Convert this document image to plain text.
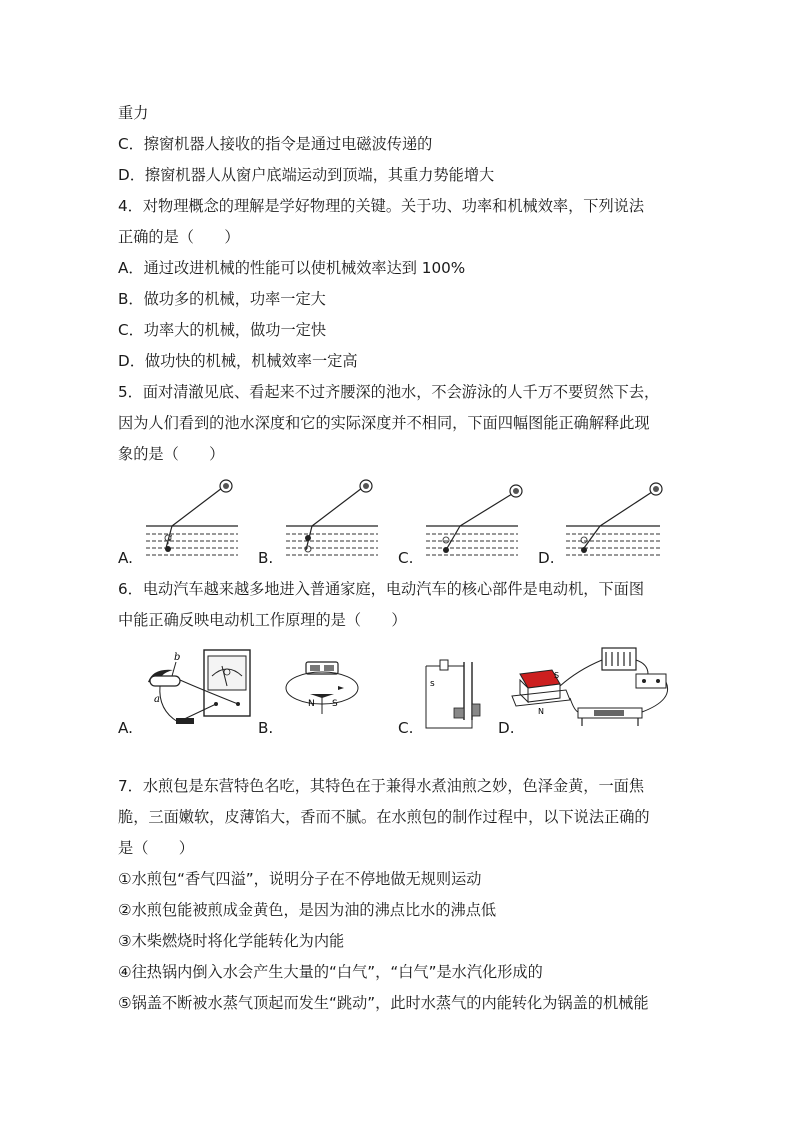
重力
C．擦窗机器人接收的指令是通过电磁波传递的
D．擦窗机器人从窗户底端运动到顶端，其重力势能增大
4．对物理概念的理解是学好物理的关键。关于功、功率和机械效率，下列说法
正确的是（　　）
A．通过改进机械的性能可以使机械效率达到 100%
B．做功多的机械，功率一定大
C．功率大的机械，做功一定快
D．做功快的机械，机械效率一定高
5．面对清澈见底、看起来不过齐腰深的池水，不会游泳的人千万不要贸然下去，
因为人们看到的池水深度和它的实际深度并不相同，下面四幅图能正确解释此现
象的是（　　）
A.	B.	C.	D.
6．电动汽车越来越多地进入普通家庭，电动汽车的核心部件是电动机，下面图
中能正确反映电动机工作原理的是（　　）
A.
b
a
B.
N S
C.
s
D.
S
N
7．水煎包是东营特色名吃，其特色在于兼得水煮油煎之妙，色泽金黄，一面焦
脆，三面嫩软，皮薄馅大，香而不腻。在水煎包的制作过程中，以下说法正确的
是（　　）
①水煎包“香气四溢”，说明分子在不停地做无规则运动
②水煎包能被煎成金黄色，是因为油的沸点比水的沸点低
③木柴燃烧时将化学能转化为内能
④往热锅内倒入水会产生大量的“白气”，“白气”是水汽化形成的
⑤锅盖不断被水蒸气顶起而发生“跳动”，此时水蒸气的内能转化为锅盖的机械能
